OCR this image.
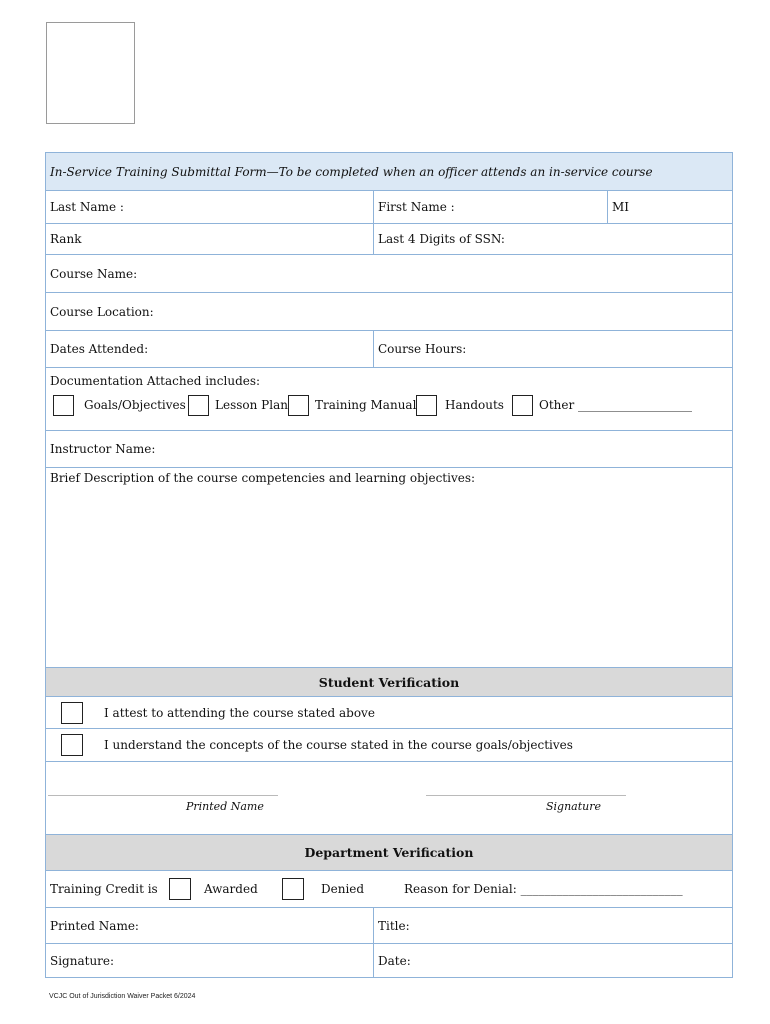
In-Service Training Submittal Form—To be completed when an officer attends an in-service course
Last Name :	First Name :	MI
Rank	Last 4 Digits of SSN:
Course Name:
Course Location:
Dates Attended:	Course Hours:
Documentation Attached includes:
Goals/Objectives Lesson Plan Training Manual Handouts	Other ___________________
Instructor Name:
Brief Description of the course competencies and learning objectives:
Student Verification
I attest to attending the course stated above
I understand the concepts of the course stated in the course goals/objectives
______________________________________________	________________________________________
Printed Name	Signature
Department Verification
Training Credit is	Awarded	Denied	Reason for Denial: ___________________________
Printed Name:	Title:
Signature:	Date:
VCJC Out of Jurisdiction Waiver Packet 6/2024
